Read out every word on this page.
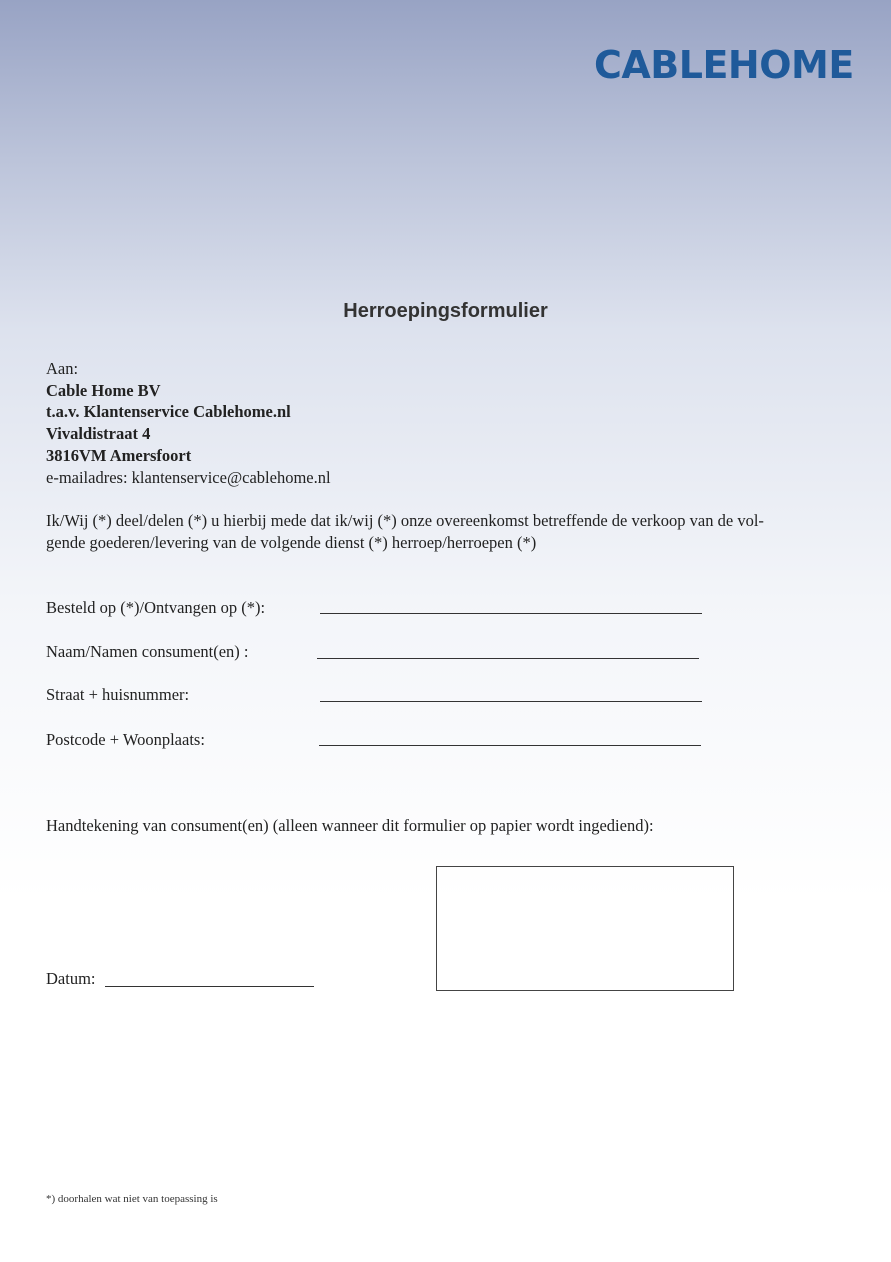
CABLEHOME
Herroepingsformulier
Aan:
Cable Home BV
t.a.v. Klantenservice Cablehome.nl
Vivaldistraat 4
3816VM Amersfoort
e-mailadres: klantenservice@cablehome.nl
Ik/Wij (*) deel/delen (*) u hierbij mede dat ik/wij (*) onze overeenkomst betreffende de verkoop van de vol-
gende goederen/levering van de volgende dienst (*) herroep/herroepen (*)
Besteld op (*)/Ontvangen op (*):
Naam/Namen consument(en) :
Straat + huisnummer:
Postcode + Woonplaats:
Handtekening van consument(en) (alleen wanneer dit formulier op papier wordt ingediend):
Datum:
*) doorhalen wat niet van toepassing is
